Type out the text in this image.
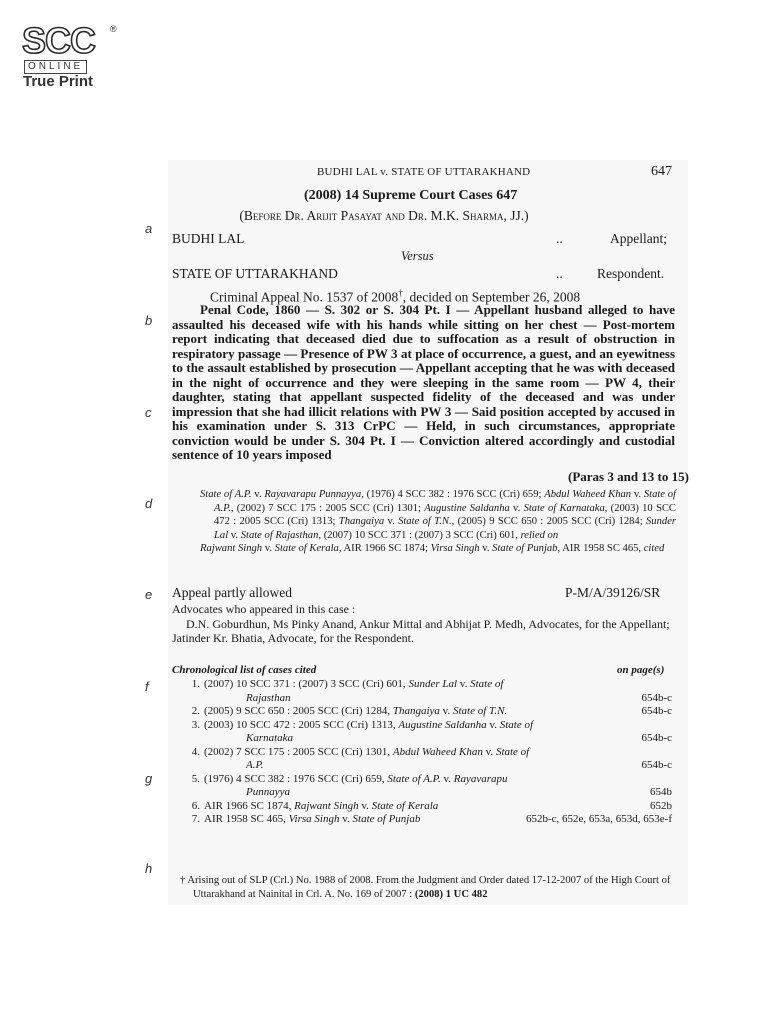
SCC ®
ONLINE
True Print
BUDHI LAL v. STATE OF UTTARAKHAND	647
(2008) 14 Supreme Court Cases 647
(Before Dr. Arijit Pasayat and Dr. M.K. Sharma, JJ.)
a
b
c
d
e
f
g
h
BUDHI LAL	..	Appellant;
Versus
STATE OF UTTARAKHAND	..	Respondent.
Criminal Appeal No. 1537 of 2008†, decided on September 26, 2008

Penal Code, 1860 — S. 302 or S. 304 Pt. I — Appellant husband alleged to have assaulted his deceased wife with his hands while sitting on her chest — Post-mortem report indicating that deceased died due to suffocation as a result of obstruction in respiratory passage — Presence of PW 3 at place of occurrence, a guest, and an eyewitness to the assault established by prosecution — Appellant accepting that he was with deceased in the night of occurrence and they were sleeping in the same room — PW 4, their daughter, stating that appellant suspected fidelity of the deceased and was under impression that she had illicit relations with PW 3 — Said position accepted by accused in his examination under S. 313 CrPC — Held, in such circumstances, appropriate conviction would be under S. 304 Pt. I — Conviction altered accordingly and custodial sentence of 10 years imposed

(Paras 3 and 13 to 15)

State of A.P. v. Rayavarapu Punnayya, (1976) 4 SCC 382 : 1976 SCC (Cri) 659; Abdul Waheed Khan v. State of A.P., (2002) 7 SCC 175 : 2005 SCC (Cri) 1301; Augustine Saldanha v. State of Karnataka, (2003) 10 SCC 472 : 2005 SCC (Cri) 1313; Thangaiya v. State of T.N., (2005) 9 SCC 650 : 2005 SCC (Cri) 1284; Sunder Lal v. State of Rajasthan, (2007) 10 SCC 371 : (2007) 3 SCC (Cri) 601, relied on

Rajwant Singh v. State of Kerala, AIR 1966 SC 1874; Virsa Singh v. State of Punjab, AIR 1958 SC 465, cited

Appeal partly allowed	P-M/A/39126/SR
Advocates who appeared in this case :

D.N. Goburdhun, Ms Pinky Anand, Ankur Mittal and Abhijat P. Medh, Advocates, for the Appellant;

Jatinder Kr. Bhatia, Advocate, for the Respondent.

Chronological list of cases cited	on page(s)
1. (2007) 10 SCC 371 : (2007) 3 SCC (Cri) 601, Sunder Lal v. State of
Rajasthan	654b-c
2. (2005) 9 SCC 650 : 2005 SCC (Cri) 1284, Thangaiya v. State of T.N.	654b-c
3. (2003) 10 SCC 472 : 2005 SCC (Cri) 1313, Augustine Saldanha v. State of
Karnataka	654b-c
4. (2002) 7 SCC 175 : 2005 SCC (Cri) 1301, Abdul Waheed Khan v. State of
A.P.	654b-c
5. (1976) 4 SCC 382 : 1976 SCC (Cri) 659, State of A.P. v. Rayavarapu
Punnayya	654b
6. AIR 1966 SC 1874, Rajwant Singh v. State of Kerala	652b
7. AIR 1958 SC 465, Virsa Singh v. State of Punjab	652b-c, 652e, 653a, 653d, 653e-f

† Arising out of SLP (Crl.) No. 1988 of 2008. From the Judgment and Order dated 17-12-2007 of the High Court of Uttarakhand at Nainital in Crl. A. No. 169 of 2007 : (2008) 1 UC 482
